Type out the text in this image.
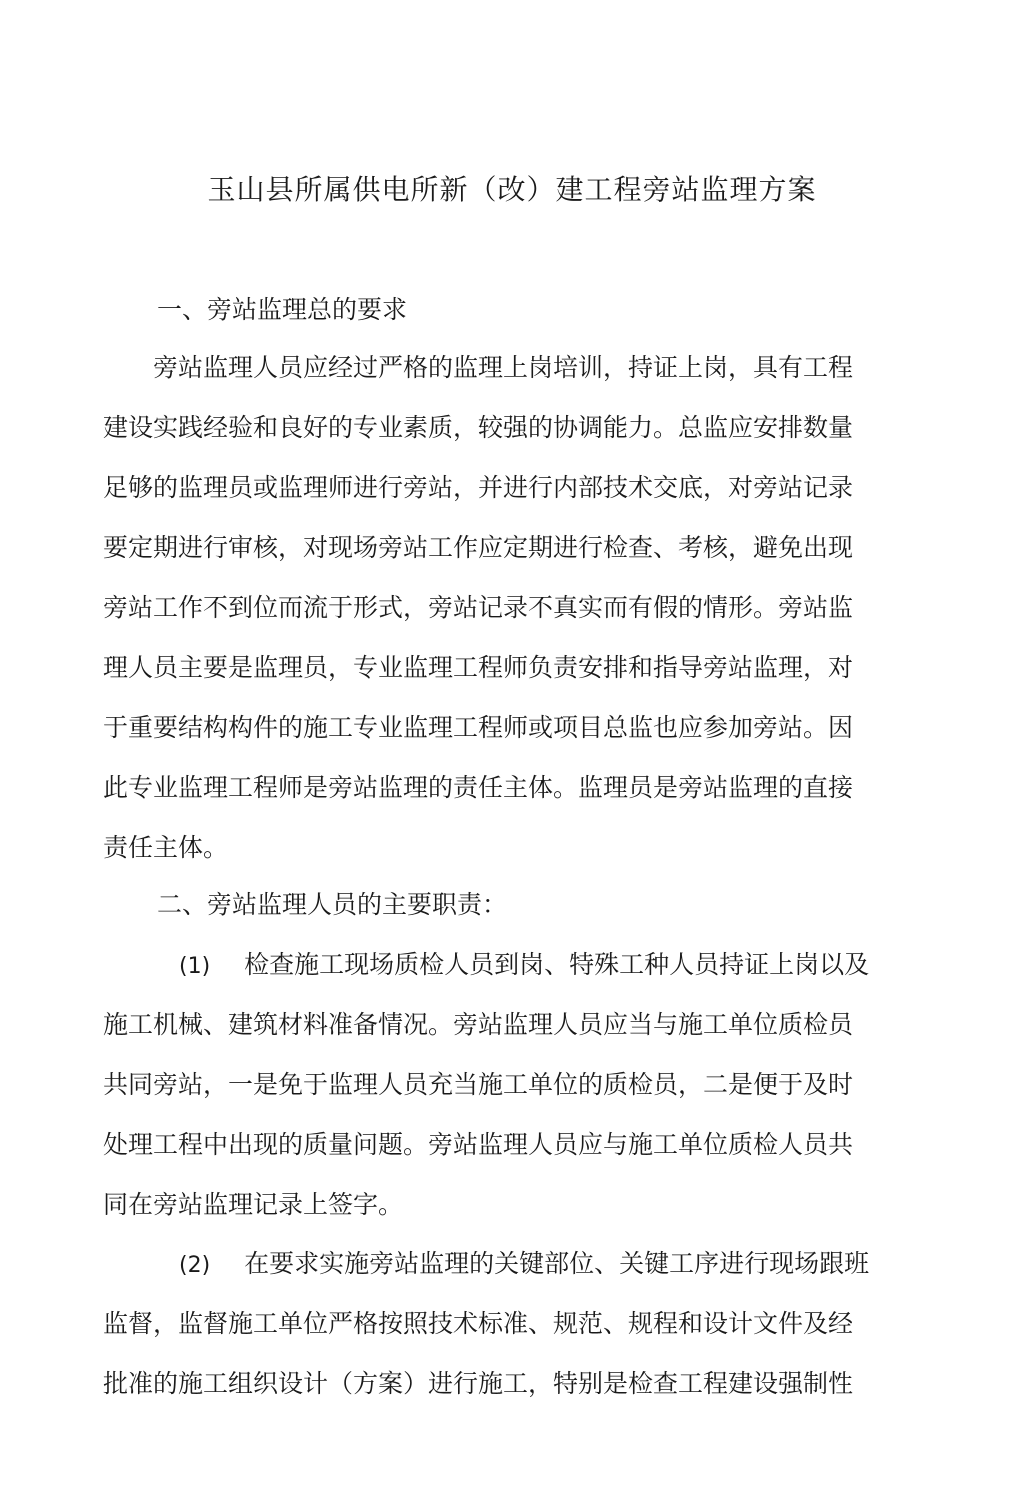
玉山县所属供电所新（改）建工程旁站监理方案
一、旁站监理总的要求
　　旁站监理人员应经过严格的监理上岗培训，持证上岗，具有工程
建设实践经验和良好的专业素质，较强的协调能力。总监应安排数量
足够的监理员或监理师进行旁站，并进行内部技术交底，对旁站记录
要定期进行审核，对现场旁站工作应定期进行检查、考核，避免出现
旁站工作不到位而流于形式，旁站记录不真实而有假的情形。旁站监
理人员主要是监理员，专业监理工程师负责安排和指导旁站监理，对
于重要结构构件的施工专业监理工程师或项目总监也应参加旁站。因
此专业监理工程师是旁站监理的责任主体。监理员是旁站监理的直接
责任主体。
二、旁站监理人员的主要职责：
(1) 检查施工现场质检人员到岗、特殊工种人员持证上岗以及
施工机械、建筑材料准备情况。旁站监理人员应当与施工单位质检员
共同旁站，一是免于监理人员充当施工单位的质检员，二是便于及时
处理工程中出现的质量问题。旁站监理人员应与施工单位质检人员共
同在旁站监理记录上签字。
(2) 在要求实施旁站监理的关键部位、关键工序进行现场跟班
监督，监督施工单位严格按照技术标准、规范、规程和设计文件及经
批准的施工组织设计（方案）进行施工，特别是检查工程建设强制性
